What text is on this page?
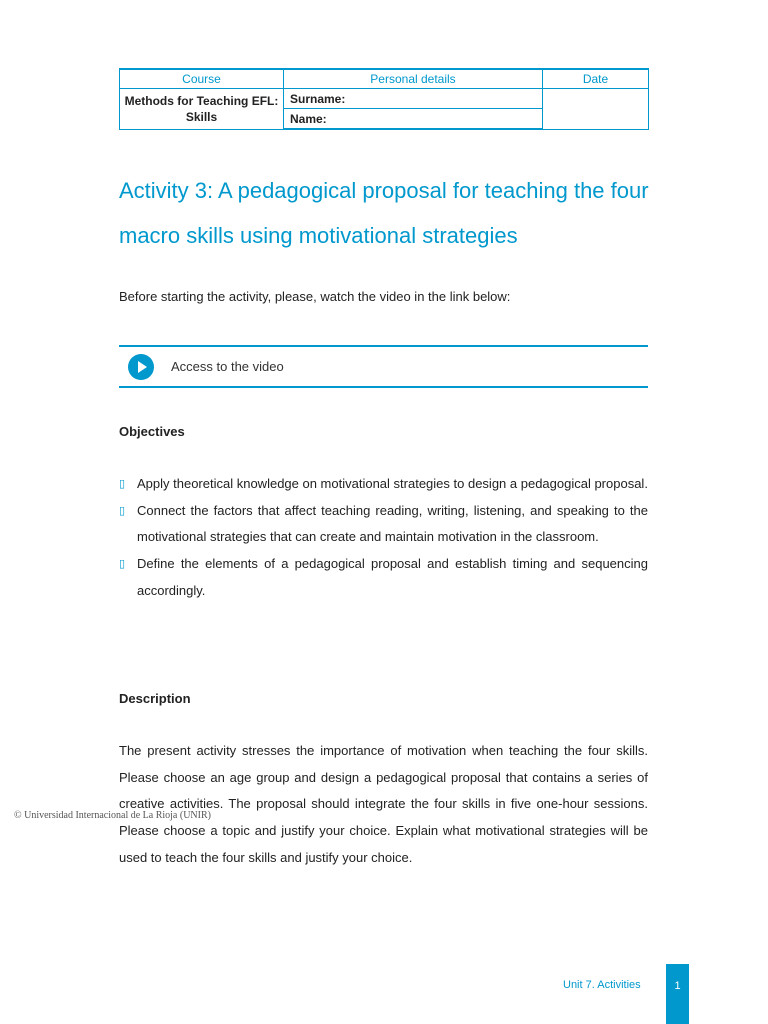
Course	Personal details	Date
Methods for Teaching EFL: Skills	Surname:	
	Name:	
Activity 3: A pedagogical proposal for teaching the four macro skills using motivational strategies

Before starting the activity, please, watch the video in the link below:

Access to the video
Objectives
▯ Apply theoretical knowledge on motivational strategies to design a pedagogical proposal.
▯ Connect the factors that affect teaching reading, writing, listening, and speaking to the motivational strategies that can create and maintain motivation in the classroom.
▯ Define the elements of a pedagogical proposal and establish timing and sequencing accordingly.
Description

The present activity stresses the importance of motivation when teaching the four skills. Please choose an age group and design a pedagogical proposal that contains a series of creative activities. The proposal should integrate the four skills in five one-hour sessions. Please choose a topic and justify your choice. Explain what motivational strategies will be used to teach the four skills and justify your choice.

© Universidad Internacional de La Rioja (UNIR)
Unit 7. Activities	1
